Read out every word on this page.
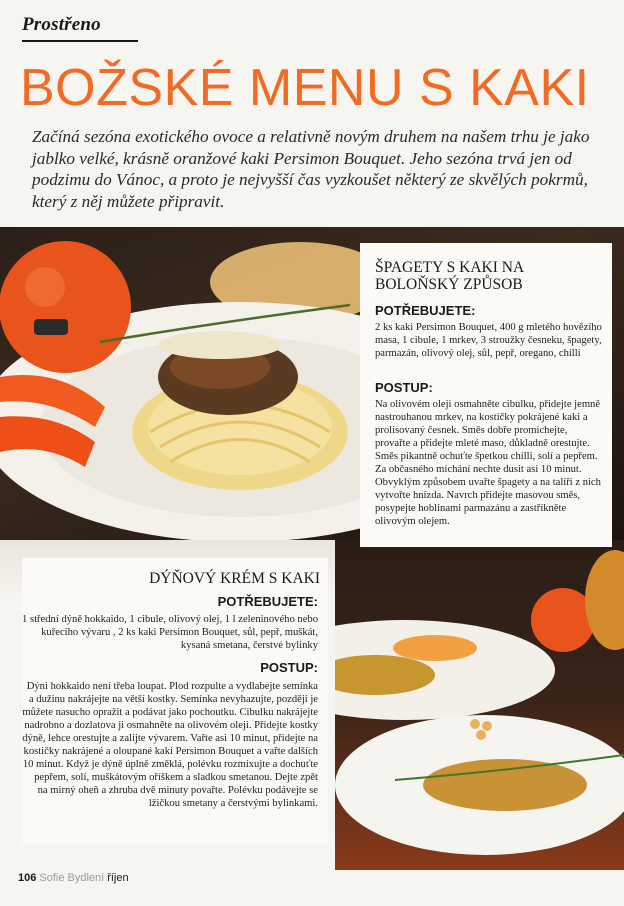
Prostřeno
BOŽSKÉ MENU S KAKI
Začíná sezóna exotického ovoce a relativně novým druhem na našem trhu je jako jablko velké, krásně oranžové kaki Persimon Bouquet. Jeho sezóna trvá jen od podzimu do Vánoc, a proto je nejvyšší čas vyzkoušet některý ze skvělých pokrmů, který z něj můžete připravit.
ŠPAGETY S KAKI NA BOLOŇSKÝ ZPŮSOB
POTŘEBUJETE:
2 ks kaki Persimon Bouquet, 400 g mletého hovězího masa, 1 cibule, 1 mrkev, 3 stroužky česneku, špagety, parmazán, olivový olej, sůl, pepř, oregano, chilli
POSTUP:
Na olivovém oleji osmahněte cibulku, přidejte jemně nastrouhanou mrkev, na kostičky pokrájené kaki a prolisovaný česnek. Směs dobře promíchejte, provařte a přidejte mleté maso, důkladně orestujte. Směs pikantně ochuťte špetkou chilli, solí a pepřem. Za občasného míchání nechte dusit asi 10 minut. Obvyklým způsobem uvařte špagety a na talíři z nich vytvořte hnízda. Navrch přidejte masovou směs, posypejte hoblinami parmazánu a zastříkněte olivovým olejem.
DÝŇOVÝ KRÉM S KAKI
POTŘEBUJETE:
1 střední dýně hokkaido, 1 cibule, olivový olej, 1 l zeleninového nebo kuřecího vývaru , 2 ks kaki Persimon Bouquet, sůl, pepř, muškát, kysaná smetana, čerstvé bylinky
POSTUP:
Dýni hokkaido není třeba loupat. Plod rozpulte a vydlabejte semínka a dužinu nakrájejte na větší kostky. Semínka nevyhazujte, později je můžete nasucho opražit a podávat jako pochoutku. Cibulku nakrájejte nadrobno a dozlatova ji osmahněte na olivovém oleji. Přidejte kostky dýně, lehce orestujte a zalijte vývarem. Vařte asi 10 minut, přidejte na kostičky nakrájené a oloupané kaki Persimon Bouquet a vařte dalších 10 minut. Když je dýně úplně změklá, polévku rozmixujte a dochuťte pepřem, solí, muškátovým oříškem a sladkou smetanou. Dejte zpět na mírný oheň a zhruba dvě minuty povařte. Polévku podávejte se lžičkou smetany a čerstvými bylinkami.
106 Sofie Bydlení říjen
